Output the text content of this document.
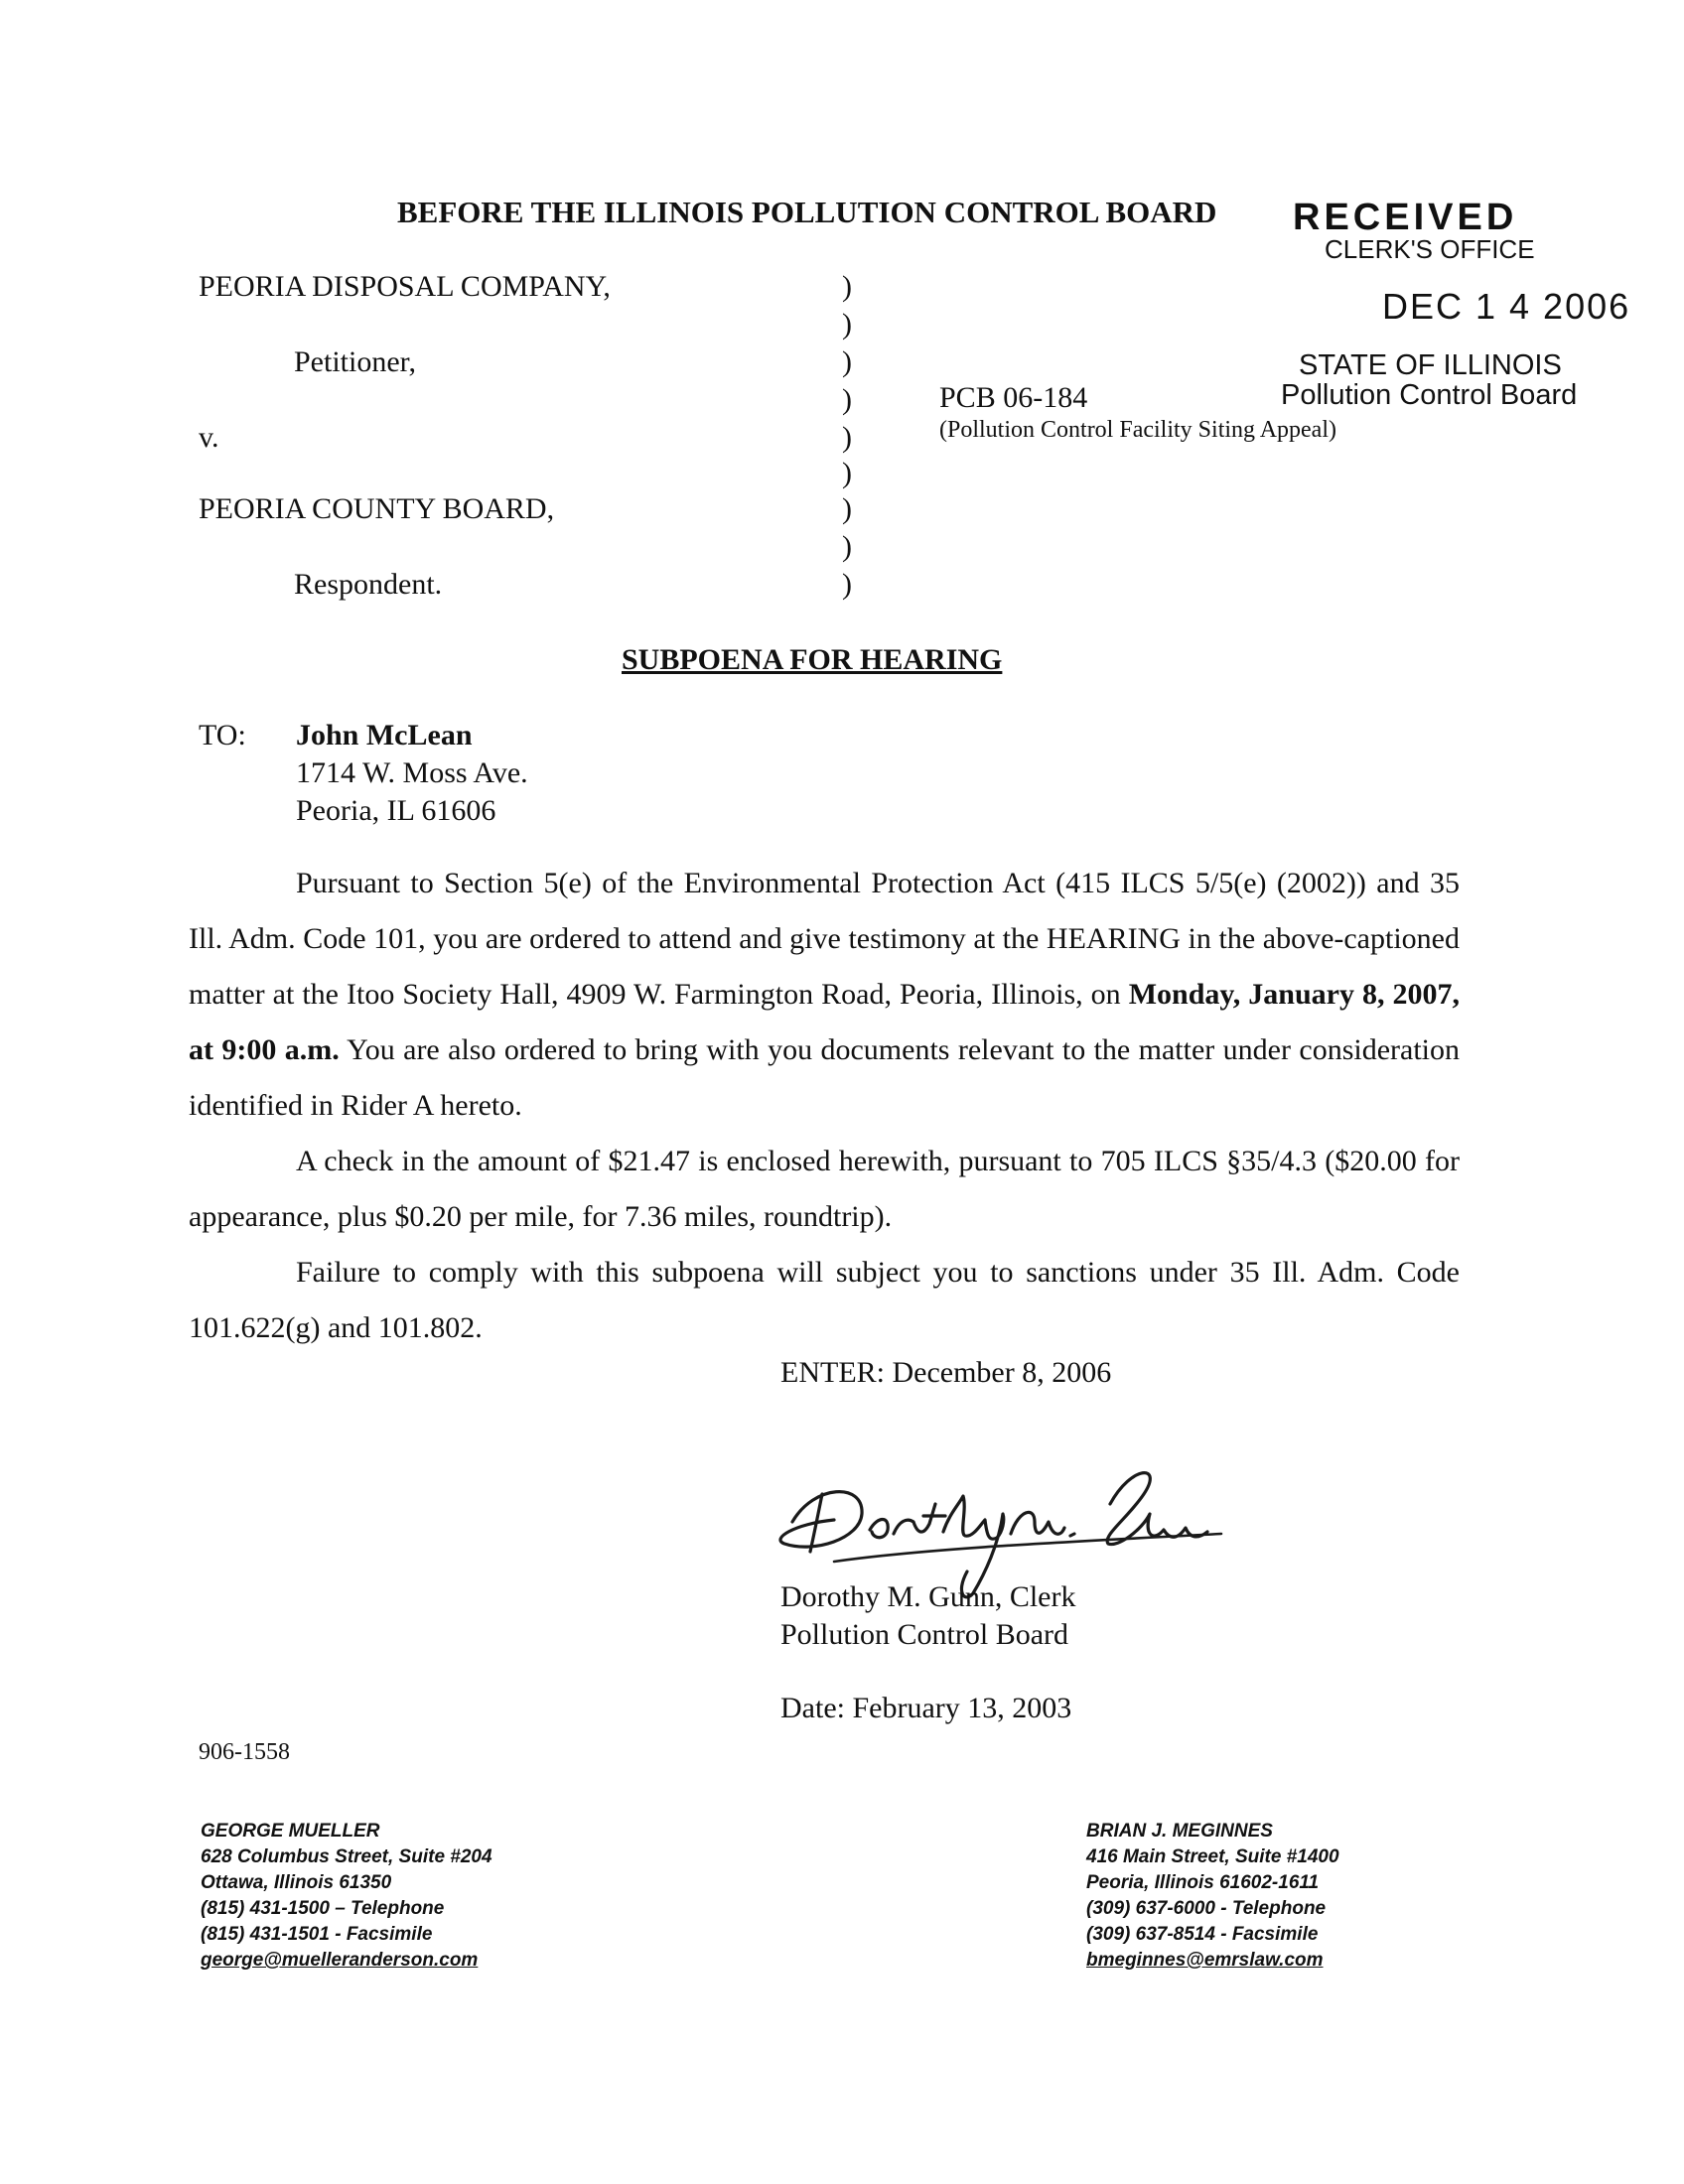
BEFORE THE ILLINOIS POLLUTION CONTROL BOARD RECEIVED
CLERK'S OFFICE
DEC 1 4 2006
STATE OF ILLINOIS
Pollution Control Board
PEORIA DISPOSAL COMPANY,
Petitioner,
v.
PEORIA COUNTY BOARD,
Respondent.
)
)
)
)
)
)
)
)
)
PCB 06-184
(Pollution Control Facility Siting Appeal)
SUBPOENA FOR HEARING
TO: John McLean
1714 W. Moss Ave.
Peoria, IL 61606

Pursuant to Section 5(e) of the Environmental Protection Act (415 ILCS 5/5(e) (2002)) and 35 Ill. Adm. Code 101, you are ordered to attend and give testimony at the HEARING in the above-captioned matter at the Itoo Society Hall, 4909 W. Farmington Road, Peoria, Illinois, on Monday, January 8, 2007, at 9:00 a.m. You are also ordered to bring with you documents relevant to the matter under consideration identified in Rider A hereto.

A check in the amount of $21.47 is enclosed herewith, pursuant to 705 ILCS §35/4.3 ($20.00 for appearance, plus $0.20 per mile, for 7.36 miles, roundtrip).

Failure to comply with this subpoena will subject you to sanctions under 35 Ill. Adm. Code 101.622(g) and 101.802.

ENTER: December 8, 2006
Dorothy M. Gunn, Clerk
Pollution Control Board
Date: February 13, 2003
906-1558
GEORGE MUELLER
628 Columbus Street, Suite #204
Ottawa, Illinois 61350
(815) 431-1500 – Telephone
(815) 431-1501 - Facsimile
george@muelleranderson.com
BRIAN J. MEGINNES
416 Main Street, Suite #1400
Peoria, Illinois 61602-1611
(309) 637-6000 - Telephone
(309) 637-8514 - Facsimile
bmeginnes@emrslaw.com
